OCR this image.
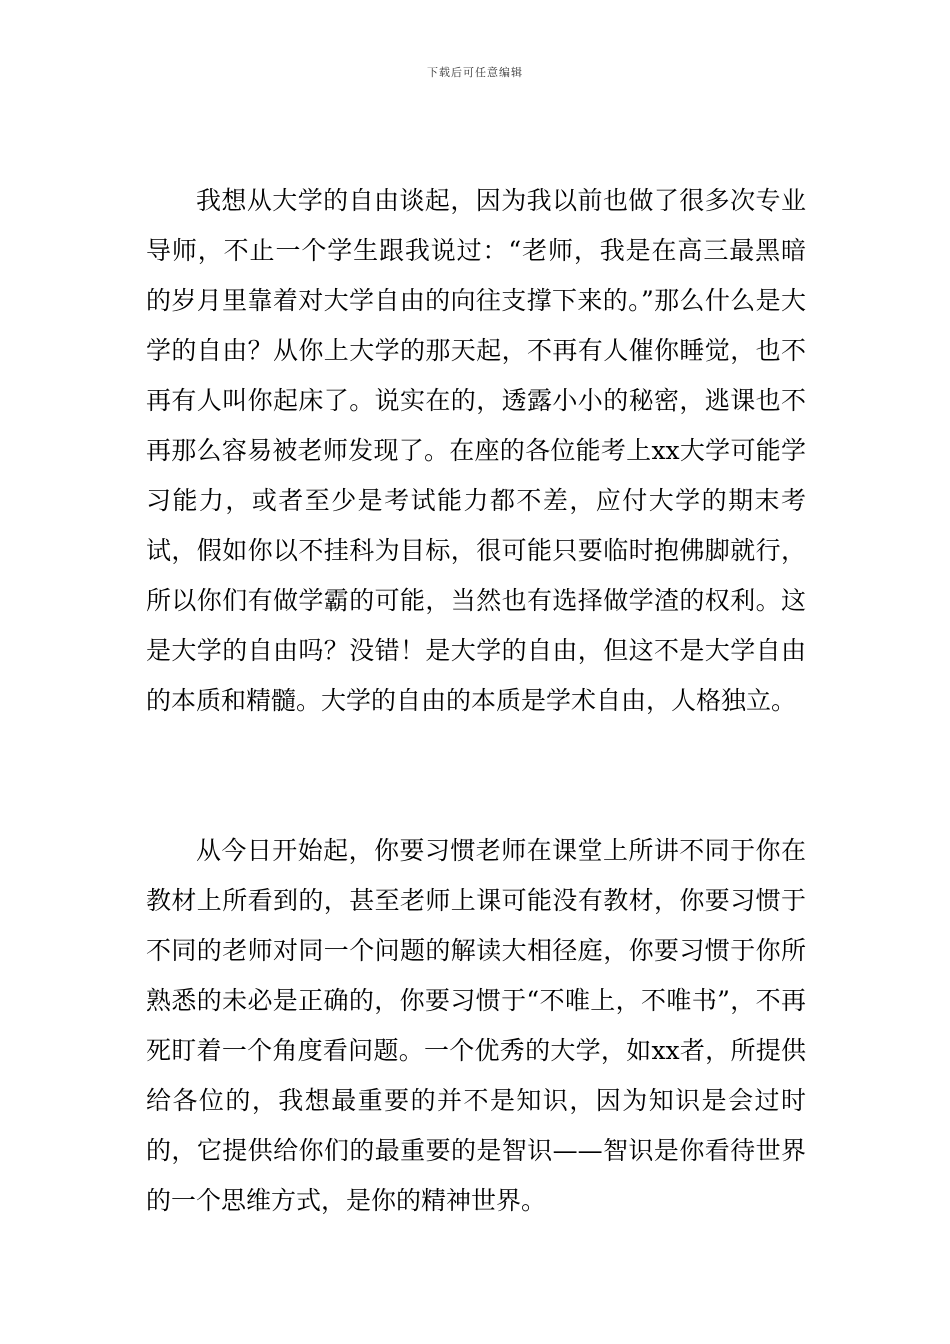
下载后可任意编辑

我想从大学的自由谈起，因为我以前也做了很多次专业导师，不止一个学生跟我说过：“老师，我是在高三最黑暗的岁月里靠着对大学自由的向往支撑下来的。”那么什么是大学的自由？从你上大学的那天起，不再有人催你睡觉，也不再有人叫你起床了。说实在的，透露小小的秘密，逃课也不再那么容易被老师发现了。在座的各位能考上xx大学可能学习能力，或者至少是考试能力都不差，应付大学的期末考试，假如你以不挂科为目标，很可能只要临时抱佛脚就行，所以你们有做学霸的可能，当然也有选择做学渣的权利。这是大学的自由吗？没错！是大学的自由，但这不是大学自由的本质和精髓。大学的自由的本质是学术自由，人格独立。

从今日开始起，你要习惯老师在课堂上所讲不同于你在教材上所看到的，甚至老师上课可能没有教材，你要习惯于不同的老师对同一个问题的解读大相径庭，你要习惯于你所熟悉的未必是正确的，你要习惯于“不唯上，不唯书”，不再死盯着一个角度看问题。一个优秀的大学，如xx者，所提供给各位的，我想最重要的并不是知识，因为知识是会过时的，它提供给你们的最重要的是智识——智识是你看待世界的一个思维方式，是你的精神世界。
